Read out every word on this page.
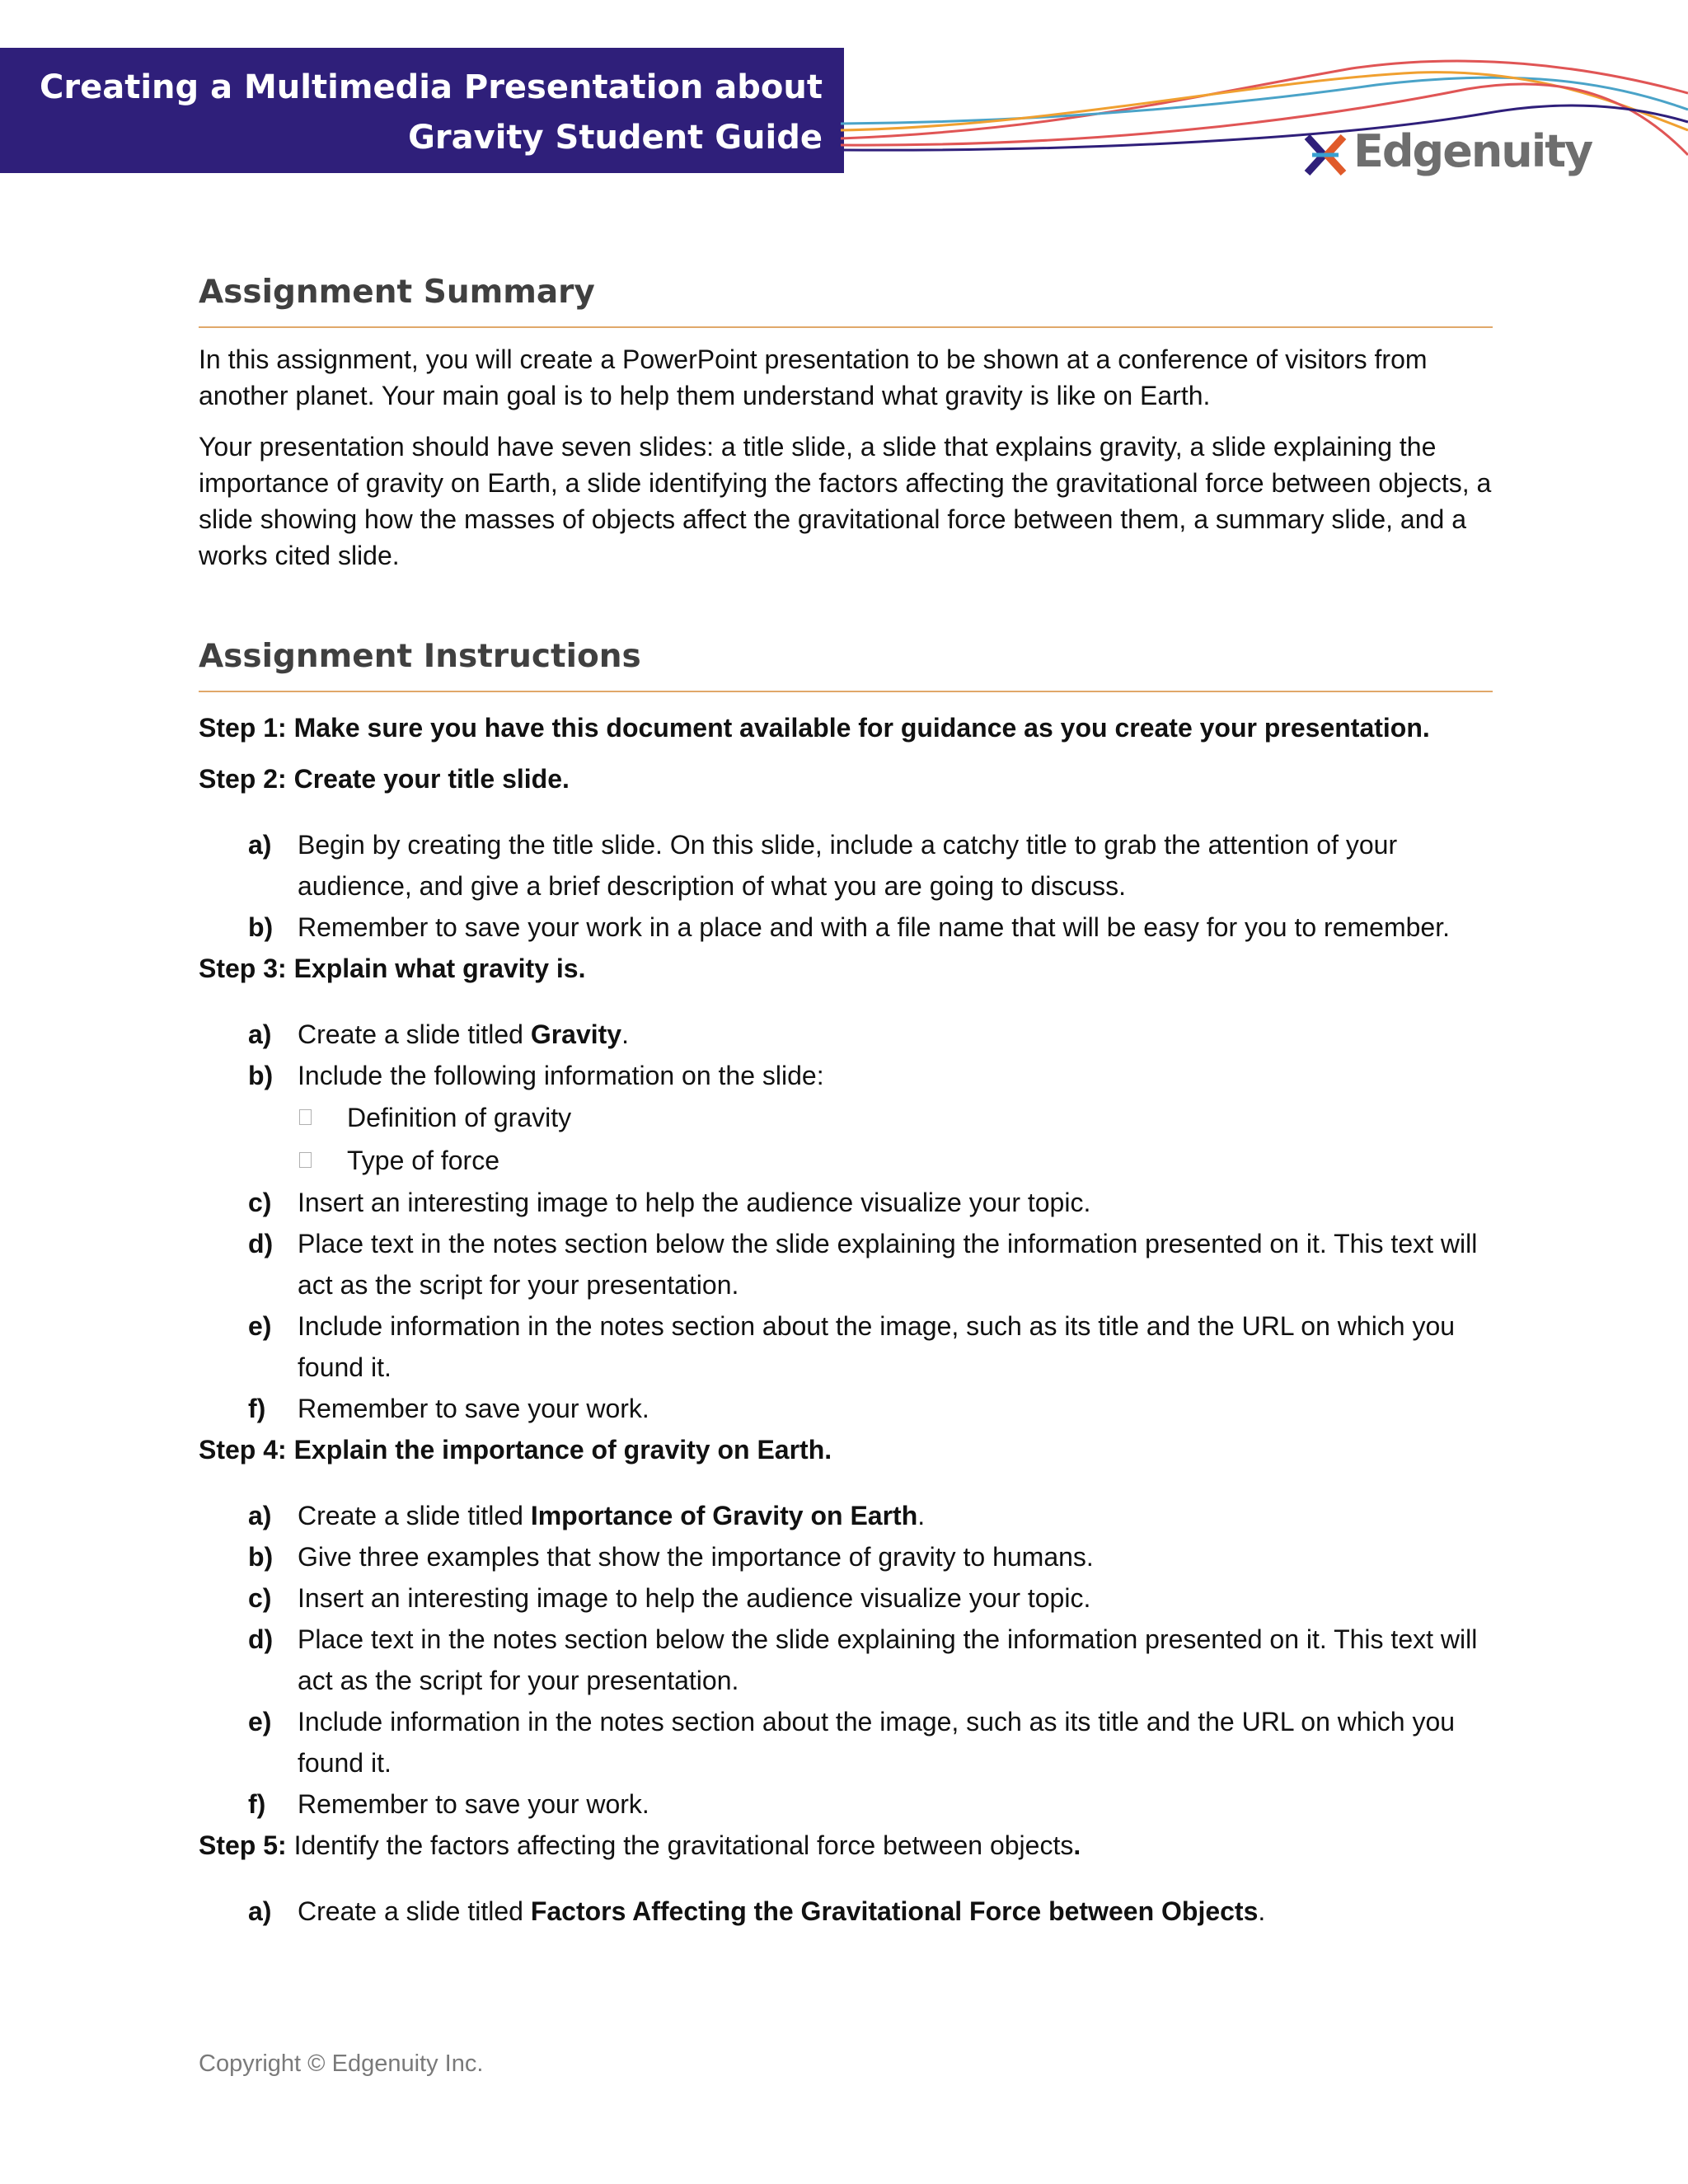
Creating a Multimedia Presentation about
Gravity Student Guide	Edgenuity
Assignment Summary

In this assignment, you will create a PowerPoint presentation to be shown at a conference of visitors from another planet. Your main goal is to help them understand what gravity is like on Earth.

Your presentation should have seven slides: a title slide, a slide that explains gravity, a slide explaining the importance of gravity on Earth, a slide identifying the factors affecting the gravitational force between objects, a slide showing how the masses of objects affect the gravitational force between them, a summary slide, and a works cited slide.

Assignment Instructions

Step 1: Make sure you have this document available for guidance as you create your presentation.

Step 2: Create your title slide.

a) Begin by creating the title slide. On this slide, include a catchy title to grab the attention of your audience, and give a brief description of what you are going to discuss.
b) Remember to save your work in a place and with a file name that will be easy for you to remember.

Step 3: Explain what gravity is.

a) Create a slide titled Gravity.
b) Include the following information on the slide:
Definition of gravity
Type of force
c) Insert an interesting image to help the audience visualize your topic.
d) Place text in the notes section below the slide explaining the information presented on it. This text will act as the script for your presentation.
e) Include information in the notes section about the image, such as its title and the URL on which you found it.
f) Remember to save your work.

Step 4: Explain the importance of gravity on Earth.

a) Create a slide titled Importance of Gravity on Earth.
b) Give three examples that show the importance of gravity to humans.
c) Insert an interesting image to help the audience visualize your topic.
d) Place text in the notes section below the slide explaining the information presented on it. This text will act as the script for your presentation.
e) Include information in the notes section about the image, such as its title and the URL on which you found it.
f) Remember to save your work.

Step 5: Identify the factors affecting the gravitational force between objects.

a) Create a slide titled Factors Affecting the Gravitational Force between Objects.
Copyright © Edgenuity Inc.
